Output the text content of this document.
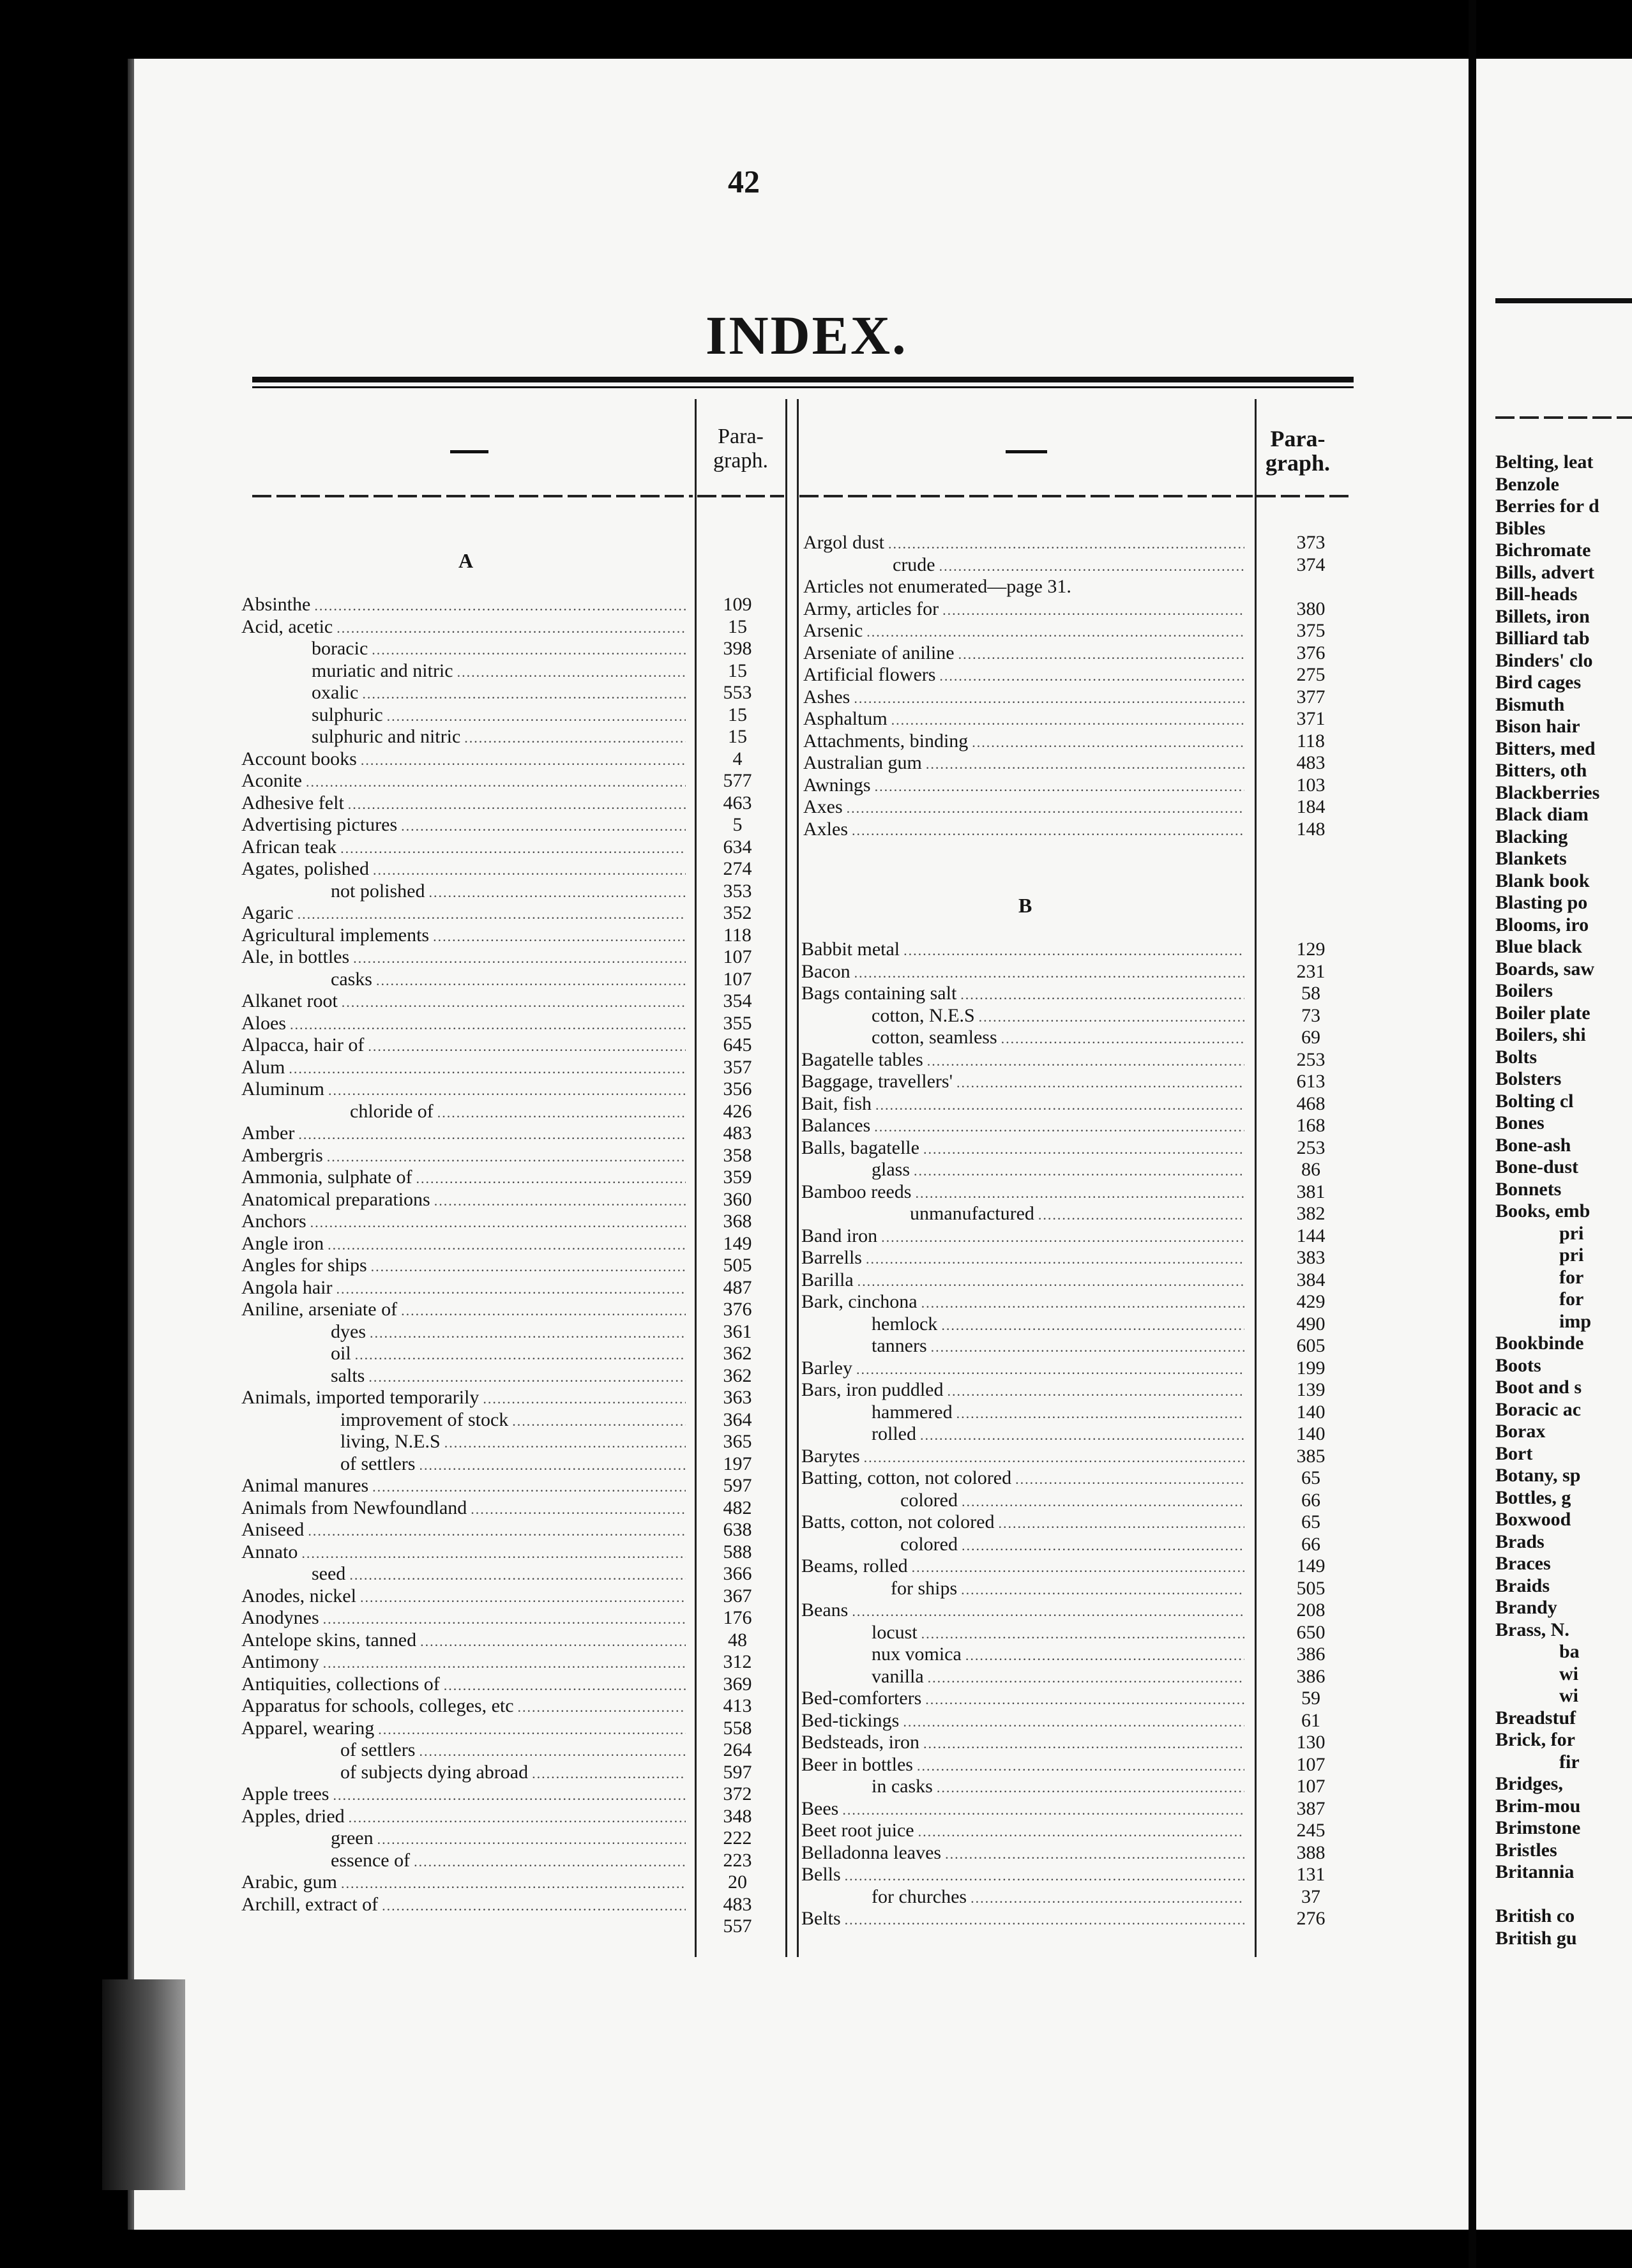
Belting, leat
Benzole
Berries for d
Bibles
Bichromate
Bills, advert
Bill-heads
Billets, iron
Billiard tab
Binders' clo
Bird cages
Bismuth
Bison hair
Bitters, med
Bitters, oth
Blackberries
Black diam
Blacking
Blankets
Blank book
Blasting po
Blooms, iro
Blue black
Boards, saw
Boilers
Boiler plate
Boilers, shi
Bolts
Bolsters
Bolting cl
Bones
Bone-ash
Bone-dust
Bonnets
Books, emb
pri
pri
for
for
imp
Bookbinde
Boots
Boot and s
Boracic ac
Borax
Bort
Botany, sp
Bottles, g
Boxwood
Brads
Braces
Braids
Brandy
Brass, N.
ba
wi
wi
Breadstuf
Brick, for
fir
Bridges,
Brim-mou
Brimstone
Bristles
Britannia
British co
British gu
42
INDEX.
Para-
graph.
Para-
graph.
A
B
Absinthe .....	109
Acid, acetic .....	15
boracic .....	398
muriatic and nitric .....	15
oxalic .....	553
sulphuric .....	15
sulphuric and nitric .....	15
Account books .....	4
Aconite .....	577
Adhesive felt .....	463
Advertising pictures .....	5
African teak .....	634
Agates, polished .....	274
not polished .....	353
Agaric .....	352
Agricultural implements .....	118
Ale, in bottles .....	107
casks .....	107
Alkanet root .....	354
Aloes .....	355
Alpacca, hair of .....	645
Alum .....	357
Aluminum .....	356
chloride of .....	426
Amber .....	483
Ambergris .....	358
Ammonia, sulphate of .....	359
Anatomical preparations .....	360
Anchors .....	368
Angle iron .....	149
Angles for ships .....	505
Angola hair .....	487
Aniline, arseniate of .....	376
dyes .....	361
oil .....	362
salts .....	362
Animals, imported temporarily .....	363
improvement of stock .....	364
living, N.E.S .....	365
of settlers .....	197
Animal manures .....	597
Animals from Newfoundland .....	482
Aniseed .....	638
Annato .....	588
seed .....	366
Anodes, nickel .....	367
Anodynes .....	176
Antelope skins, tanned .....	48
Antimony .....	312
Antiquities, collections of .....	369
Apparatus for schools, colleges, etc .....	413
Apparel, wearing .....	558
of settlers .....	264
of subjects dying abroad .....	597
Apple trees .....	372
Apples, dried .....	348
green .....	222
essence of .....	223
Arabic, gum .....	20
Archill, extract of .....	483
557
Argol dust .....	373
crude .....	374
Articles not enumerated—page 31.
Army, articles for .....	380
Arsenic .....	375
Arseniate of aniline .....	376
Artificial flowers .....	275
Ashes .....	377
Asphaltum .....	371
Attachments, binding .....	118
Australian gum .....	483
Awnings .....	103
Axes .....	184
Axles .....	148
Babbit metal .....	129
Bacon .....	231
Bags containing salt .....	58
cotton, N.E.S .....	73
cotton, seamless .....	69
Bagatelle tables .....	253
Baggage, travellers' .....	613
Bait, fish .....	468
Balances .....	168
Balls, bagatelle .....	253
glass .....	86
Bamboo reeds .....	381
unmanufactured .....	382
Band iron .....	144
Barrells .....	383
Barilla .....	384
Bark, cinchona .....	429
hemlock .....	490
tanners .....	605
Barley .....	199
Bars, iron puddled .....	139
hammered .....	140
rolled .....	140
Barytes .....	385
Batting, cotton, not colored .....	65
colored .....	66
Batts, cotton, not colored .....	65
colored .....	66
Beams, rolled .....	149
for ships .....	505
Beans .....	208
locust .....	650
nux vomica .....	386
vanilla .....	386
Bed-comforters .....	59
Bed-tickings .....	61
Bedsteads, iron .....	130
Beer in bottles .....	107
in casks .....	107
Bees .....	387
Beet root juice .....	245
Belladonna leaves .....	388
Bells .....	131
for churches .....	37
Belts .....	276
